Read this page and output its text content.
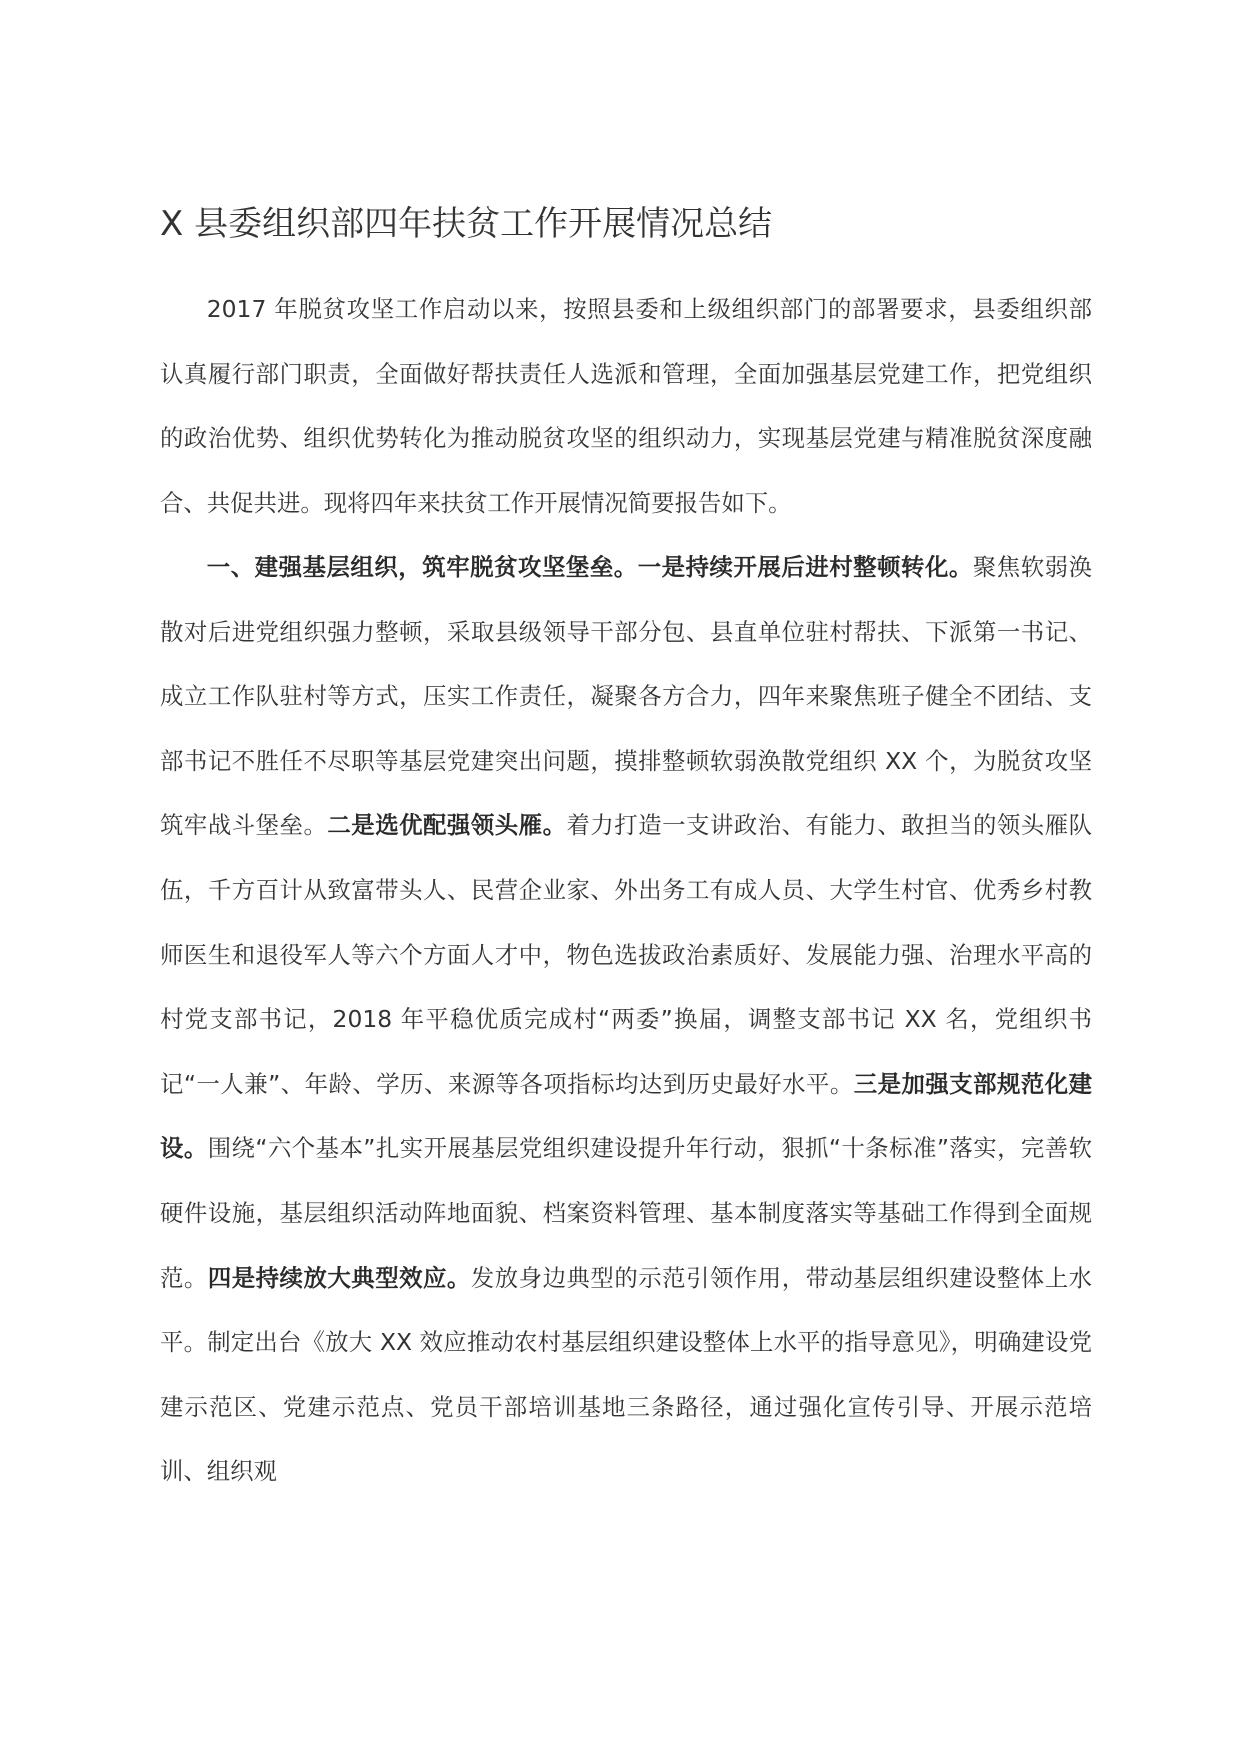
X 县委组织部四年扶贫工作开展情况总结

2017 年脱贫攻坚工作启动以来，按照县委和上级组织部门的部署要求，县委组织部认真履行部门职责，全面做好帮扶责任人选派和管理，全面加强基层党建工作，把党组织的政治优势、组织优势转化为推动脱贫攻坚的组织动力，实现基层党建与精准脱贫深度融合、共促共进。现将四年来扶贫工作开展情况简要报告如下。

一、建强基层组织，筑牢脱贫攻坚堡垒。一是持续开展后进村整顿转化。聚焦软弱涣散对后进党组织强力整顿，采取县级领导干部分包、县直单位驻村帮扶、下派第一书记、成立工作队驻村等方式，压实工作责任，凝聚各方合力，四年来聚焦班子健全不团结、支部书记不胜任不尽职等基层党建突出问题，摸排整顿软弱涣散党组织 XX 个，为脱贫攻坚筑牢战斗堡垒。二是选优配强领头雁。着力打造一支讲政治、有能力、敢担当的领头雁队伍，千方百计从致富带头人、民营企业家、外出务工有成人员、大学生村官、优秀乡村教师医生和退役军人等六个方面人才中，物色选拔政治素质好、发展能力强、治理水平高的村党支部书记，2018 年平稳优质完成村“两委”换届，调整支部书记 XX 名，党组织书记“一人兼”、年龄、学历、来源等各项指标均达到历史最好水平。三是加强支部规范化建设。围绕“六个基本”扎实开展基层党组织建设提升年行动，狠抓“十条标准”落实，完善软硬件设施，基层组织活动阵地面貌、档案资料管理、基本制度落实等基础工作得到全面规范。四是持续放大典型效应。发放身边典型的示范引领作用，带动基层组织建设整体上水平。制定出台《放大 XX 效应推动农村基层组织建设整体上水平的指导意见》，明确建设党建示范区、党建示范点、党员干部培训基地三条路径，通过强化宣传引导、开展示范培训、组织观
